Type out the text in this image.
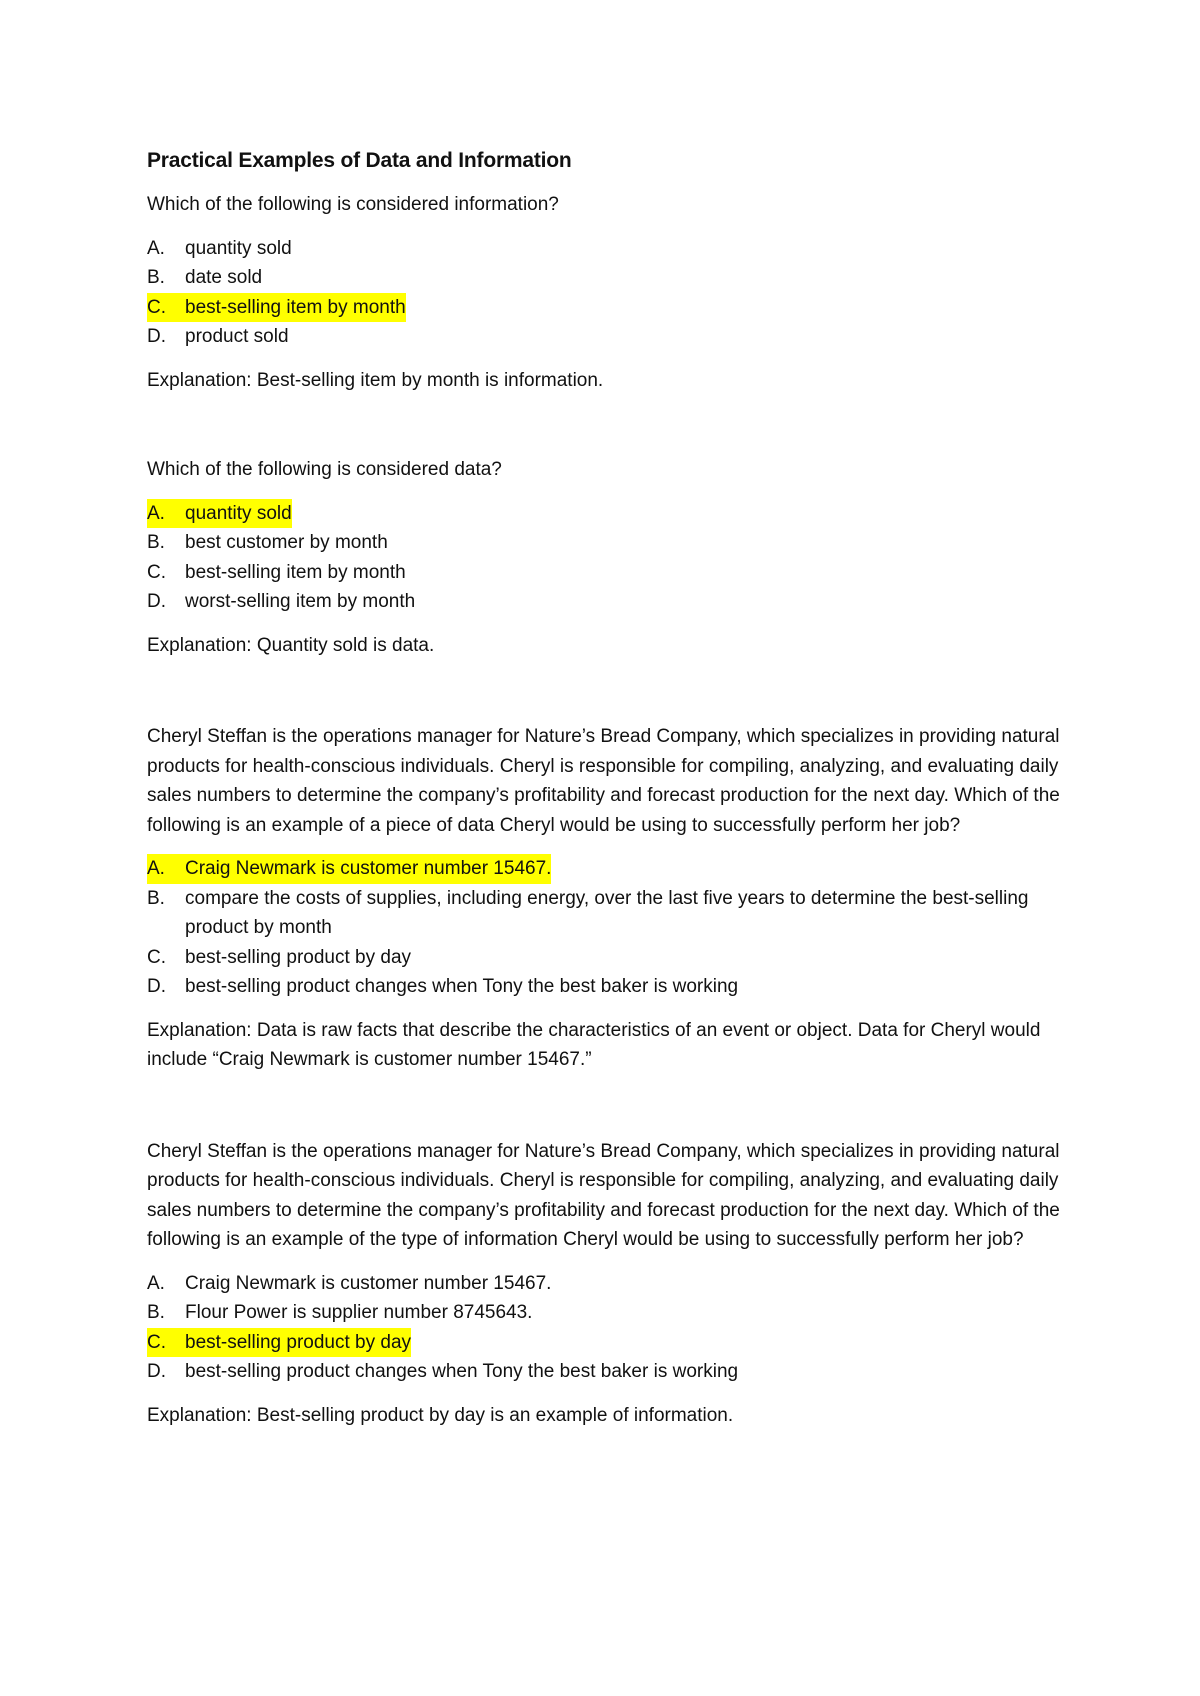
Practical Examples of Data and Information

Which of the following is considered information?

A.	quantity sold
B.	date sold
C.	best-selling item by month
D.	product sold

Explanation: Best-selling item by month is information.

Which of the following is considered data?

A.	quantity sold
B.	best customer by month
C.	best-selling item by month
D.	worst-selling item by month

Explanation: Quantity sold is data.

Cheryl Steffan is the operations manager for Nature’s Bread Company, which specializes in providing natural products for health-conscious individuals. Cheryl is responsible for compiling, analyzing, and evaluating daily sales numbers to determine the company’s profitability and forecast production for the next day. Which of the following is an example of a piece of data Cheryl would be using to successfully perform her job?

A.	Craig Newmark is customer number 15467.
B.	compare the costs of supplies, including energy, over the last five years to determine the best-selling product by month
C.	best-selling product by day
D.	best-selling product changes when Tony the best baker is working

Explanation: Data is raw facts that describe the characteristics of an event or object. Data for Cheryl would include “Craig Newmark is customer number 15467.”

Cheryl Steffan is the operations manager for Nature’s Bread Company, which specializes in providing natural products for health-conscious individuals. Cheryl is responsible for compiling, analyzing, and evaluating daily sales numbers to determine the company’s profitability and forecast production for the next day. Which of the following is an example of the type of information Cheryl would be using to successfully perform her job?

A.	Craig Newmark is customer number 15467.
B.	Flour Power is supplier number 8745643.
C.	best-selling product by day
D.	best-selling product changes when Tony the best baker is working

Explanation: Best-selling product by day is an example of information.
